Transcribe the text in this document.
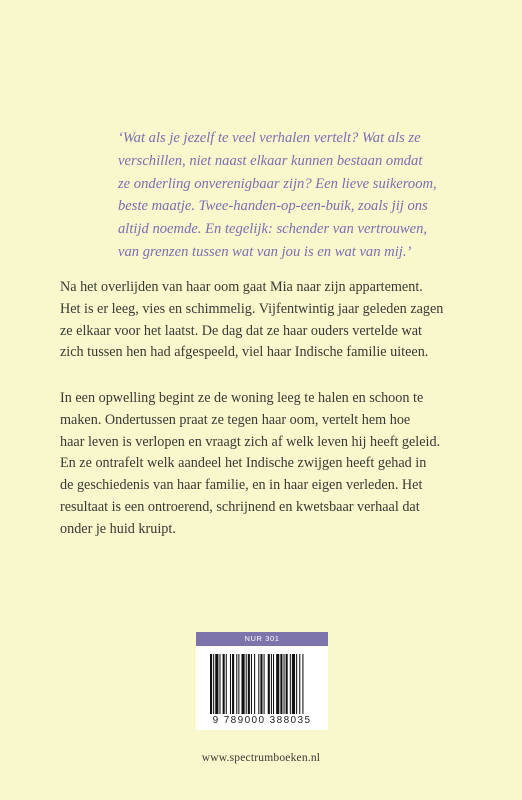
‘Wat als je jezelf te veel verhalen vertelt? Wat als ze
verschillen, niet naast elkaar kunnen bestaan omdat
ze onderling onverenigbaar zijn? Een lieve suikeroom,
beste maatje. Twee-handen-op-een-buik, zoals jij ons
altijd noemde. En tegelijk: schender van vertrouwen,
van grenzen tussen wat van jou is en wat van mij.’
Na het overlijden van haar oom gaat Mia naar zijn appartement.
Het is er leeg, vies en schimmelig. Vijfentwintig jaar geleden zagen
ze elkaar voor het laatst. De dag dat ze haar ouders vertelde wat
zich tussen hen had afgespeeld, viel haar Indische familie uiteen.
In een opwelling begint ze de woning leeg te halen en schoon te
maken. Ondertussen praat ze tegen haar oom, vertelt hem hoe
haar leven is verlopen en vraagt zich af welk leven hij heeft geleid.
En ze ontrafelt welk aandeel het Indische zwijgen heeft gehad in
de geschiedenis van haar familie, en in haar eigen verleden. Het
resultaat is een ontroerend, schrijnend en kwetsbaar verhaal dat
onder je huid kruipt.
NUR 301
9 789000 388035
www.spectrumboeken.nl
